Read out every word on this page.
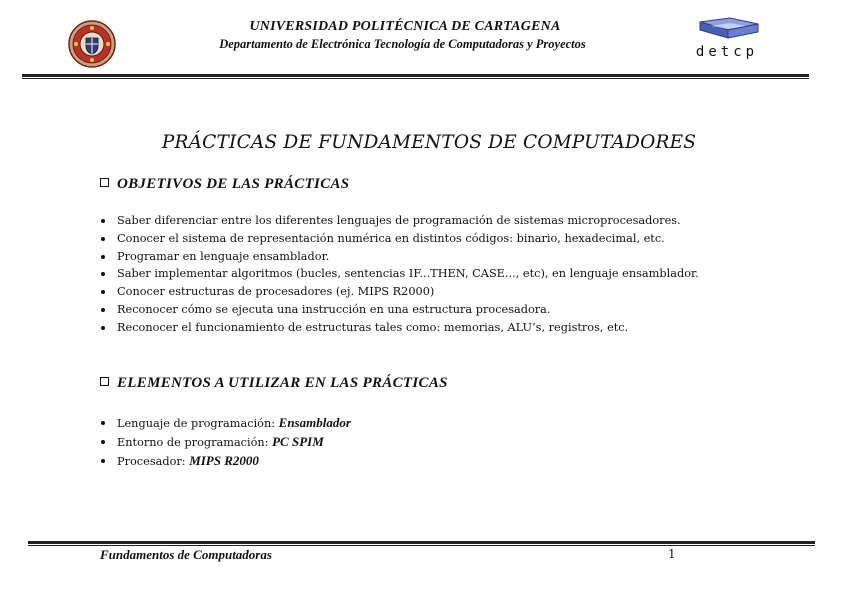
UNIVERSIDAD POLITÉCNICA DE CARTAGENA
Departamento de Electrónica Tecnología de Computadoras y Proyectos	detcp
PRÁCTICAS DE FUNDAMENTOS DE COMPUTADORES
OBJETIVOS DE LAS PRÁCTICAS
Saber diferenciar entre los diferentes lenguajes de programación de sistemas microprocesadores.
Conocer el sistema de representación numérica en distintos códigos: binario, hexadecimal, etc.
Programar en lenguaje ensamblador.
Saber implementar algoritmos (bucles, sentencias IF...THEN, CASE..., etc), en lenguaje ensamblador.
Conocer estructuras de procesadores (ej. MIPS R2000)
Reconocer cómo se ejecuta una instrucción en una estructura procesadora.
Reconocer el funcionamiento de estructuras tales como: memorias, ALU’s, registros, etc.
ELEMENTOS A UTILIZAR EN LAS PRÁCTICAS
Lenguaje de programación: Ensamblador
Entorno de programación: PC SPIM
Procesador: MIPS R2000
Fundamentos de Computadoras	1
